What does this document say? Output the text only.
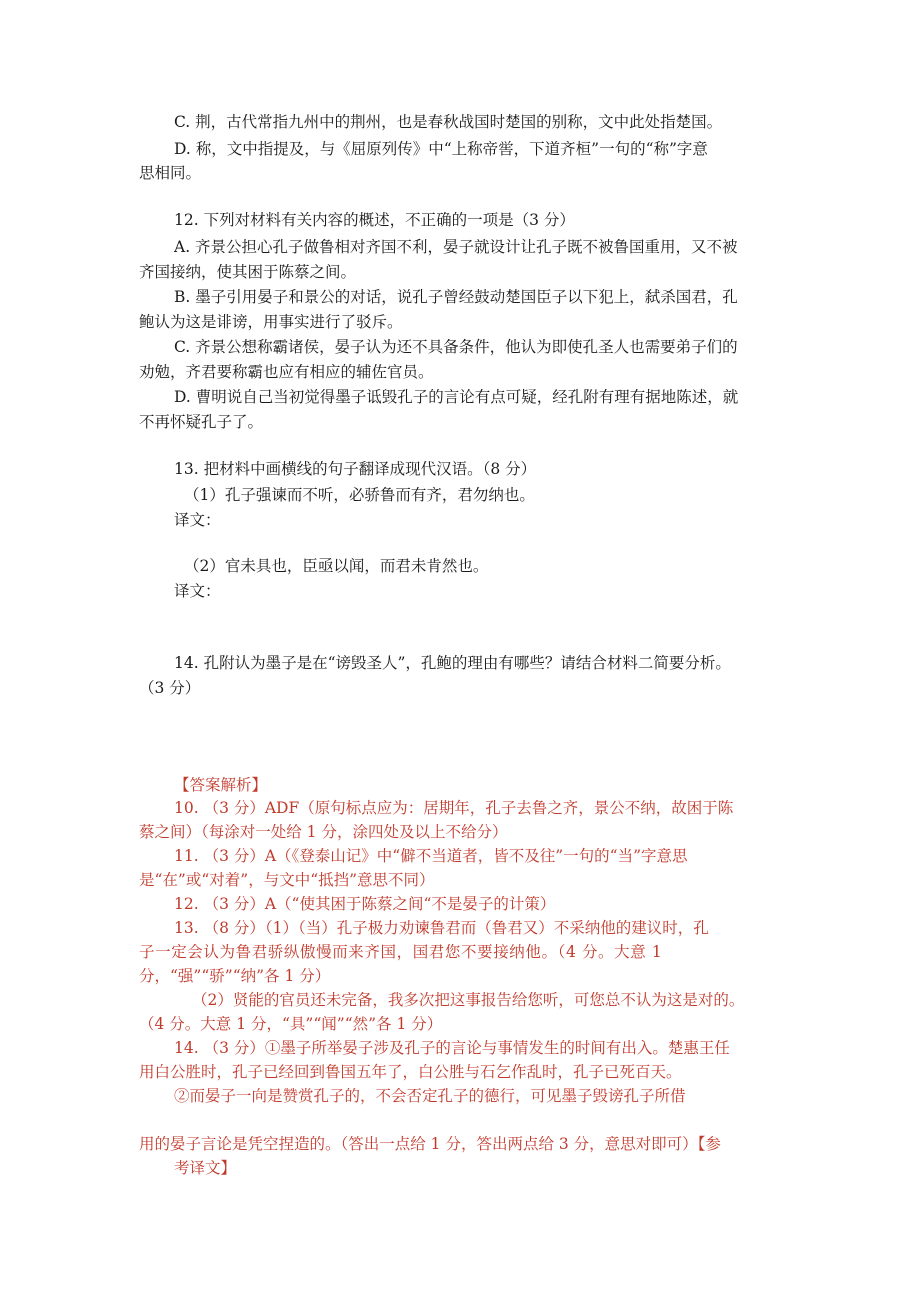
C. 荆，古代常指九州中的荆州，也是春秋战国时楚国的别称，文中此处指楚国。
D. 称，文中指提及，与《屈原列传》中“上称帝喾，下道齐桓”一句的“称”字意
思相同。
12. 下列对材料有关内容的概述，不正确的一项是（3 分）
A. 齐景公担心孔子做鲁相对齐国不利，晏子就设计让孔子既不被鲁国重用，又不被
齐国接纳，使其困于陈蔡之间。
B. 墨子引用晏子和景公的对话，说孔子曾经鼓动楚国臣子以下犯上，弑杀国君，孔
鲍认为这是诽谤，用事实进行了驳斥。
C. 齐景公想称霸诸侯，晏子认为还不具备条件，他认为即使孔圣人也需要弟子们的
劝勉，齐君要称霸也应有相应的辅佐官员。
D. 曹明说自己当初觉得墨子诋毁孔子的言论有点可疑，经孔附有理有据地陈述，就
不再怀疑孔子了。
13. 把材料中画横线的句子翻译成现代汉语。（8 分）
（1）孔子强谏而不听，必骄鲁而有齐，君勿纳也。
译文：
（2）官未具也，臣亟以闻，而君未肯然也。
译文：
14. 孔附认为墨子是在“谤毁圣人”，孔鲍的理由有哪些？请结合材料二简要分析。
（3 分）
【答案解析】
10. （3 分）ADF（原句标点应为：居期年，孔子去鲁之齐，景公不纳，故困于陈
蔡之间）（每涂对一处给 1 分，涂四处及以上不给分）
11. （3 分）A（《登泰山记》中“僻不当道者，皆不及往”一句的“当”字意思
是“在”或“对着”，与文中“抵挡”意思不同）
12. （3 分）A（“使其困于陈蔡之间“不是晏子的计策）
13. （8 分）（1）（当）孔子极力劝谏鲁君而（鲁君又）不采纳他的建议时，孔
子一定会认为鲁君骄纵傲慢而来齐国，国君您不要接纳他。（4 分。大意 1
分，“强”“骄”“纳”各 1 分）
（2）贤能的官员还未完备，我多次把这事报告给您听，可您总不认为这是对的。
（4 分。大意 1 分，“具”“闻”“然”各 1 分）
14. （3 分）①墨子所举晏子涉及孔子的言论与事情发生的时间有出入。楚惠王任
用白公胜时，孔子已经回到鲁国五年了，白公胜与石乞作乱时，孔子已死百天。
②而晏子一向是赞赏孔子的，不会否定孔子的德行，可见墨子毁谤孔子所借
用的晏子言论是凭空捏造的。（答出一点给 1 分，答出两点给 3 分，意思对即可）【参
考译文】
